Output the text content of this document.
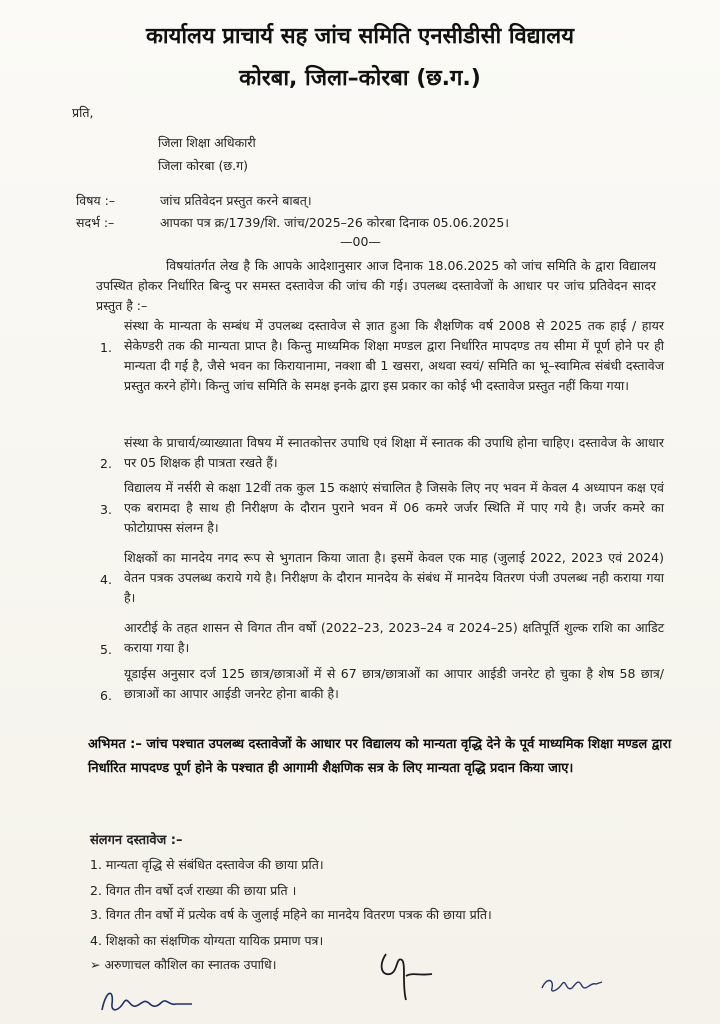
कार्यालय प्राचार्य सह जांच समिति एनसीडीसी विद्यालय
कोरबा, जिला–कोरबा (छ.ग.)
प्रति,
जिला शिक्षा अधिकारी
जिला कोरबा (छ.ग)
विषय :–	जांच प्रतिवेदन प्रस्तुत करने बाबत्।
सदर्भ :–	आपका पत्र क्र/1739/शि. जांच/2025–26 कोरबा दिनाक 05.06.2025।
—00—
विषयांतर्गत लेख है कि आपके आदेशानुसार आज दिनाक 18.06.2025 को जांच समिति के द्वारा विद्यालय उपस्थित होकर निर्धारित बिन्दु पर समस्त दस्तावेज की जांच की गई। उपलब्ध दस्तावेजों के आधार पर जांच प्रतिवेदन सादर प्रस्तुत है :–
1.
संस्था के मान्यता के सम्बंध में उपलब्ध दस्तावेज से ज्ञात हुआ कि शैक्षणिक वर्ष 2008 से 2025 तक हाई / हायर सेकेण्डरी तक की मान्यता प्राप्त है। किन्तु माध्यमिक शिक्षा मण्डल द्वारा निर्धारित मापदण्ड तय सीमा में पूर्ण होने पर ही मान्यता दी गई है, जैसे भवन का किरायानामा, नक्शा बी 1 खसरा, अथवा स्वयं/ समिति का भू–स्वामित्व संबंधी दस्तावेज प्रस्तुत करने होंगे। किन्तु जांच समिति के समक्ष इनके द्वारा इस प्रकार का कोई भी दस्तावेज प्रस्तुत नहीं किया गया।
2.
संस्था के प्राचार्य/व्याख्याता विषय में स्नातकोत्तर उपाधि एवं शिक्षा में स्नातक की उपाधि होना चाहिए। दस्तावेज के आधार पर 05 शिक्षक ही पात्रता रखते हैं।
3.
विद्यालय में नर्सरी से कक्षा 12वीं तक कुल 15 कक्षाएं संचालित है जिसके लिए नए भवन में केवल 4 अध्यापन कक्ष एवं एक बरामदा है साथ ही निरीक्षण के दौरान पुराने भवन में 06 कमरे जर्जर स्थिति में पाए गये है। जर्जर कमरे का फोटोग्राफ्स संलग्न है।
4.
शिक्षकों का मानदेय नगद रूप से भुगतान किया जाता है। इसमें केवल एक माह (जुलाई 2022, 2023 एवं 2024) वेतन पत्रक उपलब्ध कराये गये है। निरीक्षण के दौरान मानदेय के संबंध में मानदेय वितरण पंजी उपलब्ध नही कराया गया है।
5.
आरटीई के तहत शासन से विगत तीन वर्षो (2022–23, 2023–24 व 2024–25) क्षतिपूर्ति शुल्क राशि का आडिट कराया गया है।
6.
यूडाईस अनुसार दर्ज 125 छात्र/छात्राओं में से 67 छात्र/छात्राओं का आपार आईडी जनरेट हो चुका है शेष 58 छात्र/छात्राओं का आपार आईडी जनरेट होना बाकी है।
अभिमत :– जांच पश्चात उपलब्ध दस्तावेजों के आधार पर विद्यालय को मान्यता वृद्धि देने के पूर्व माध्यमिक शिक्षा मण्डल द्वारा निर्धारित मापदण्ड पूर्ण होने के पश्चात ही आगामी शैक्षणिक सत्र के लिए मान्यता वृद्धि प्रदान किया जाए।
संलगन दस्तावेज :–
1. मान्यता वृद्धि से संबंधित दस्तावेज की छाया प्रति।
2. विगत तीन वर्षो दर्ज राख्या की छाया प्रति ।
3. विगत तीन वर्षो में प्रत्येक वर्ष के जुलाई महिने का मानदेय वितरण पत्रक की छाया प्रति।
4. शिक्षको का संक्षणिक योग्यता यायिक प्रमाण पत्र।
➢ अरुणाचल कौशिल का स्नातक उपाधि।
